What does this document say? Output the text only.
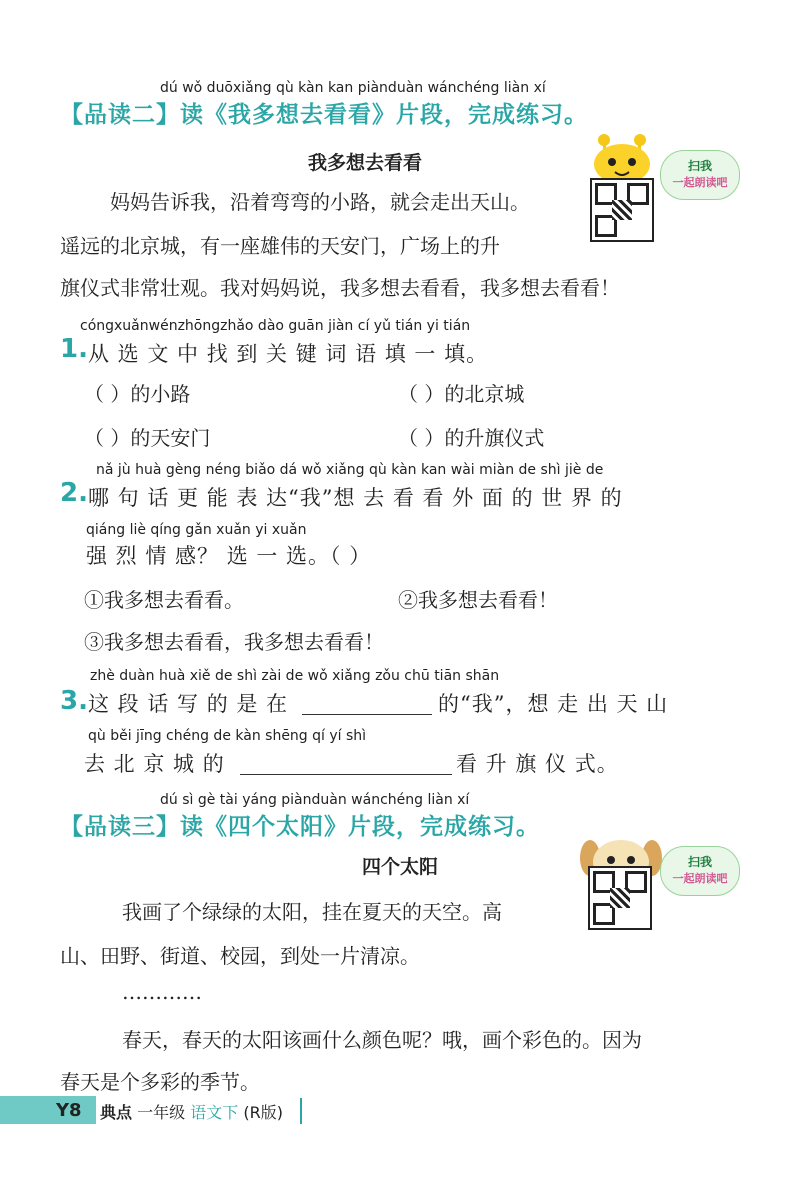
dú wǒ duōxiǎng qù kàn kan piànduàn wánchéng liàn xí
【品读二】读《我多想去看看》片段，完成练习。
扫我
一起朗读吧
我多想去看看
妈妈告诉我，沿着弯弯的小路，就会走出天山。
遥远的北京城，有一座雄伟的天安门，广场上的升
旗仪式非常壮观。我对妈妈说，我多想去看看，我多想去看看！
cóngxuǎnwénzhōngzhǎo dào guān jiàn cí yǔ tián yi tián
1. 从 选 文 中 找 到 关 键 词 语 填 一 填。
（ ）的小路	（ ）的北京城
（ ）的天安门	（ ）的升旗仪式
nǎ jù huà gèng néng biǎo dá wǒ xiǎng qù kàn kan wài miàn de shì jiè de
2. 哪 句 话 更 能 表 达“我”想 去 看 看 外 面 的 世 界 的
qiáng liè qíng gǎn xuǎn yi xuǎn
强 烈 情 感？ 选 一 选。（ ）
①我多想去看看。	②我多想去看看！
③我多想去看看，我多想去看看！
zhè duàn huà xiě de shì zài de wǒ xiǎng zǒu chū tiān shān
3. 这 段 话 写 的 是 在	的“我”，想 走 出 天 山
qù běi jīng chéng de kàn shēng qí yí shì
去 北 京 城 的	看 升 旗 仪 式。
dú sì gè tài yáng piànduàn wánchéng liàn xí
【品读三】读《四个太阳》片段，完成练习。
扫我
一起朗读吧
四个太阳
我画了个绿绿的太阳，挂在夏天的天空。高
山、田野、街道、校园，到处一片清凉。
…………
春天，春天的太阳该画什么颜色呢？哦，画个彩色的。因为
春天是个多彩的季节。
Y8 典点 一年级 语文下 (R版)
